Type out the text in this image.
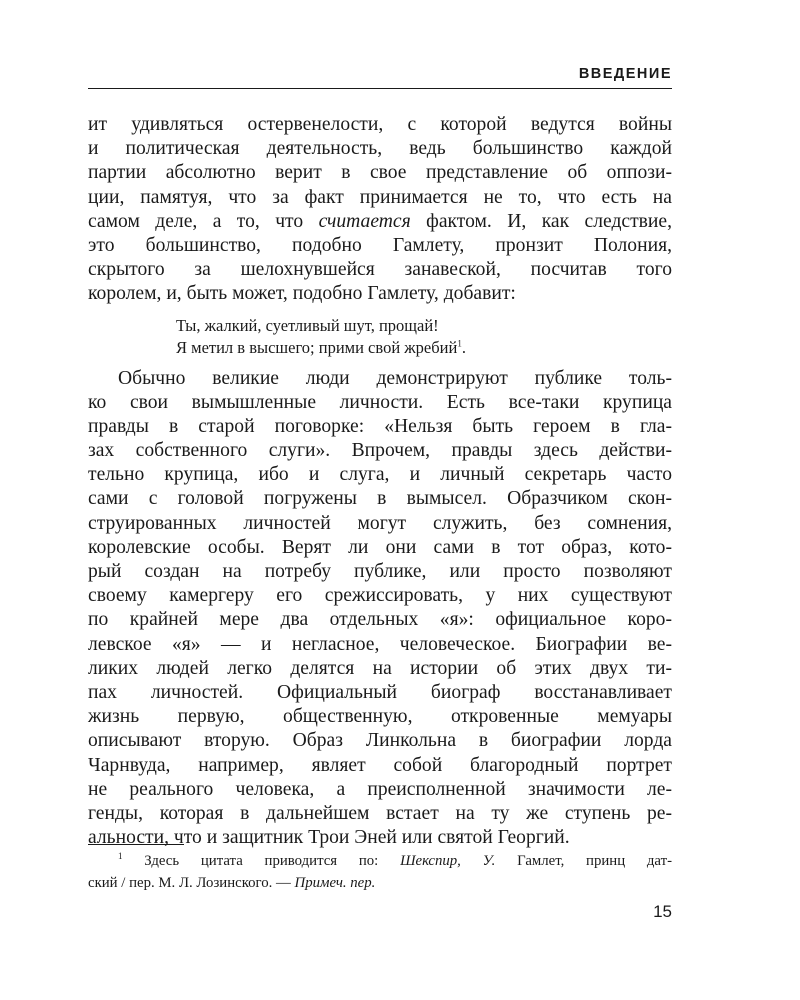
ВВЕДЕНИЕ
ит удивляться остервенелости, с которой ведутся войны
и политическая деятельность, ведь большинство каждой
партии абсолютно верит в свое представление об оппози-
ции, памятуя, что за факт принимается не то, что есть на
самом деле, а то, что считается фактом. И, как следствие,
это большинство, подобно Гамлету, пронзит Полония,
скрытого за шелохнувшейся занавеской, посчитав того
королем, и, быть может, подобно Гамлету, добавит:
Ты, жалкий, суетливый шут, прощай!
Я метил в высшего; прими свой жребий$^1$.
Обычно великие люди демонстрируют публике толь-
ко свои вымышленные личности. Есть все-таки крупица
правды в старой поговорке: «Нельзя быть героем в гла-
зах собственного слуги». Впрочем, правды здесь действи-
тельно крупица, ибо и слуга, и личный секретарь часто
сами с головой погружены в вымысел. Образчиком скон-
струированных личностей могут служить, без сомнения,
королевские особы. Верят ли они сами в тот образ, кото-
рый создан на потребу публике, или просто позволяют
своему камергеру его срежиссировать, у них существуют
по крайней мере два отдельных «я»: официальное коро-
левское «я» — и негласное, человеческое. Биографии ве-
ликих людей легко делятся на истории об этих двух ти-
пах личностей. Официальный биограф восстанавливает
жизнь первую, общественную, откровенные мемуары
описывают вторую. Образ Линкольна в биографии лорда
Чарнвуда, например, являет собой благородный портрет
не реального человека, а преисполненной значимости ле-
генды, которая в дальнейшем встает на ту же ступень ре-
альности, что и защитник Трои Эней или святой Георгий.
$^1$ Здесь цитата приводится по: Шекспир, У. Гамлет, принц дат-
ский / пер. М. Л. Лозинского. — Примеч. пер.
15
